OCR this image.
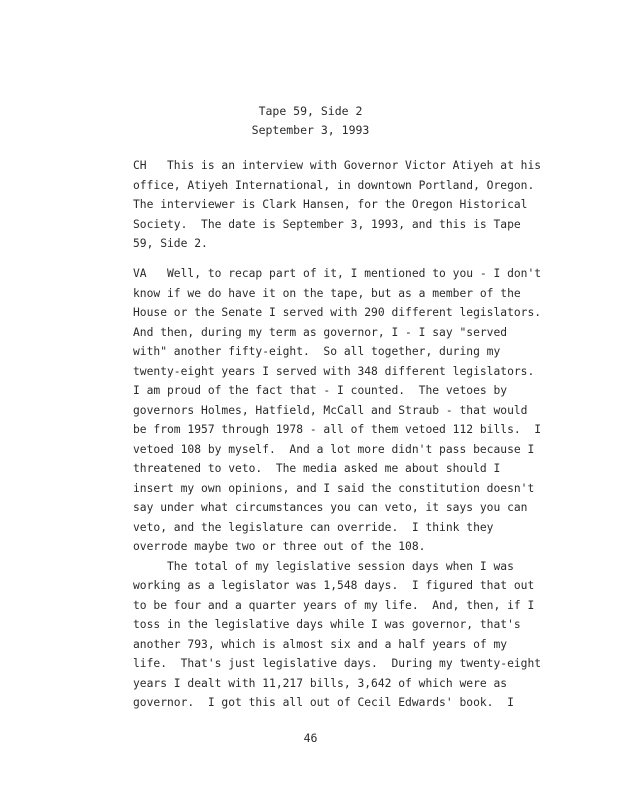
Tape 59, Side 2
September 3, 1993
CH   This is an interview with Governor Victor Atiyeh at his
office, Atiyeh International, in downtown Portland, Oregon.
The interviewer is Clark Hansen, for the Oregon Historical
Society.  The date is September 3, 1993, and this is Tape
59, Side 2.
VA   Well, to recap part of it, I mentioned to you - I don't
know if we do have it on the tape, but as a member of the
House or the Senate I served with 290 different legislators.
And then, during my term as governor, I - I say "served
with" another fifty-eight.  So all together, during my
twenty-eight years I served with 348 different legislators.
I am proud of the fact that - I counted.  The vetoes by
governors Holmes, Hatfield, McCall and Straub - that would
be from 1957 through 1978 - all of them vetoed 112 bills.  I
vetoed 108 by myself.  And a lot more didn't pass because I
threatened to veto.  The media asked me about should I
insert my own opinions, and I said the constitution doesn't
say under what circumstances you can veto, it says you can
veto, and the legislature can override.  I think they
overrode maybe two or three out of the 108.
The total of my legislative session days when I was
working as a legislator was 1,548 days.  I figured that out
to be four and a quarter years of my life.  And, then, if I
toss in the legislative days while I was governor, that's
another 793, which is almost six and a half years of my
life.  That's just legislative days.  During my twenty-eight
years I dealt with 11,217 bills, 3,642 of which were as
governor.  I got this all out of Cecil Edwards' book.  I
46
